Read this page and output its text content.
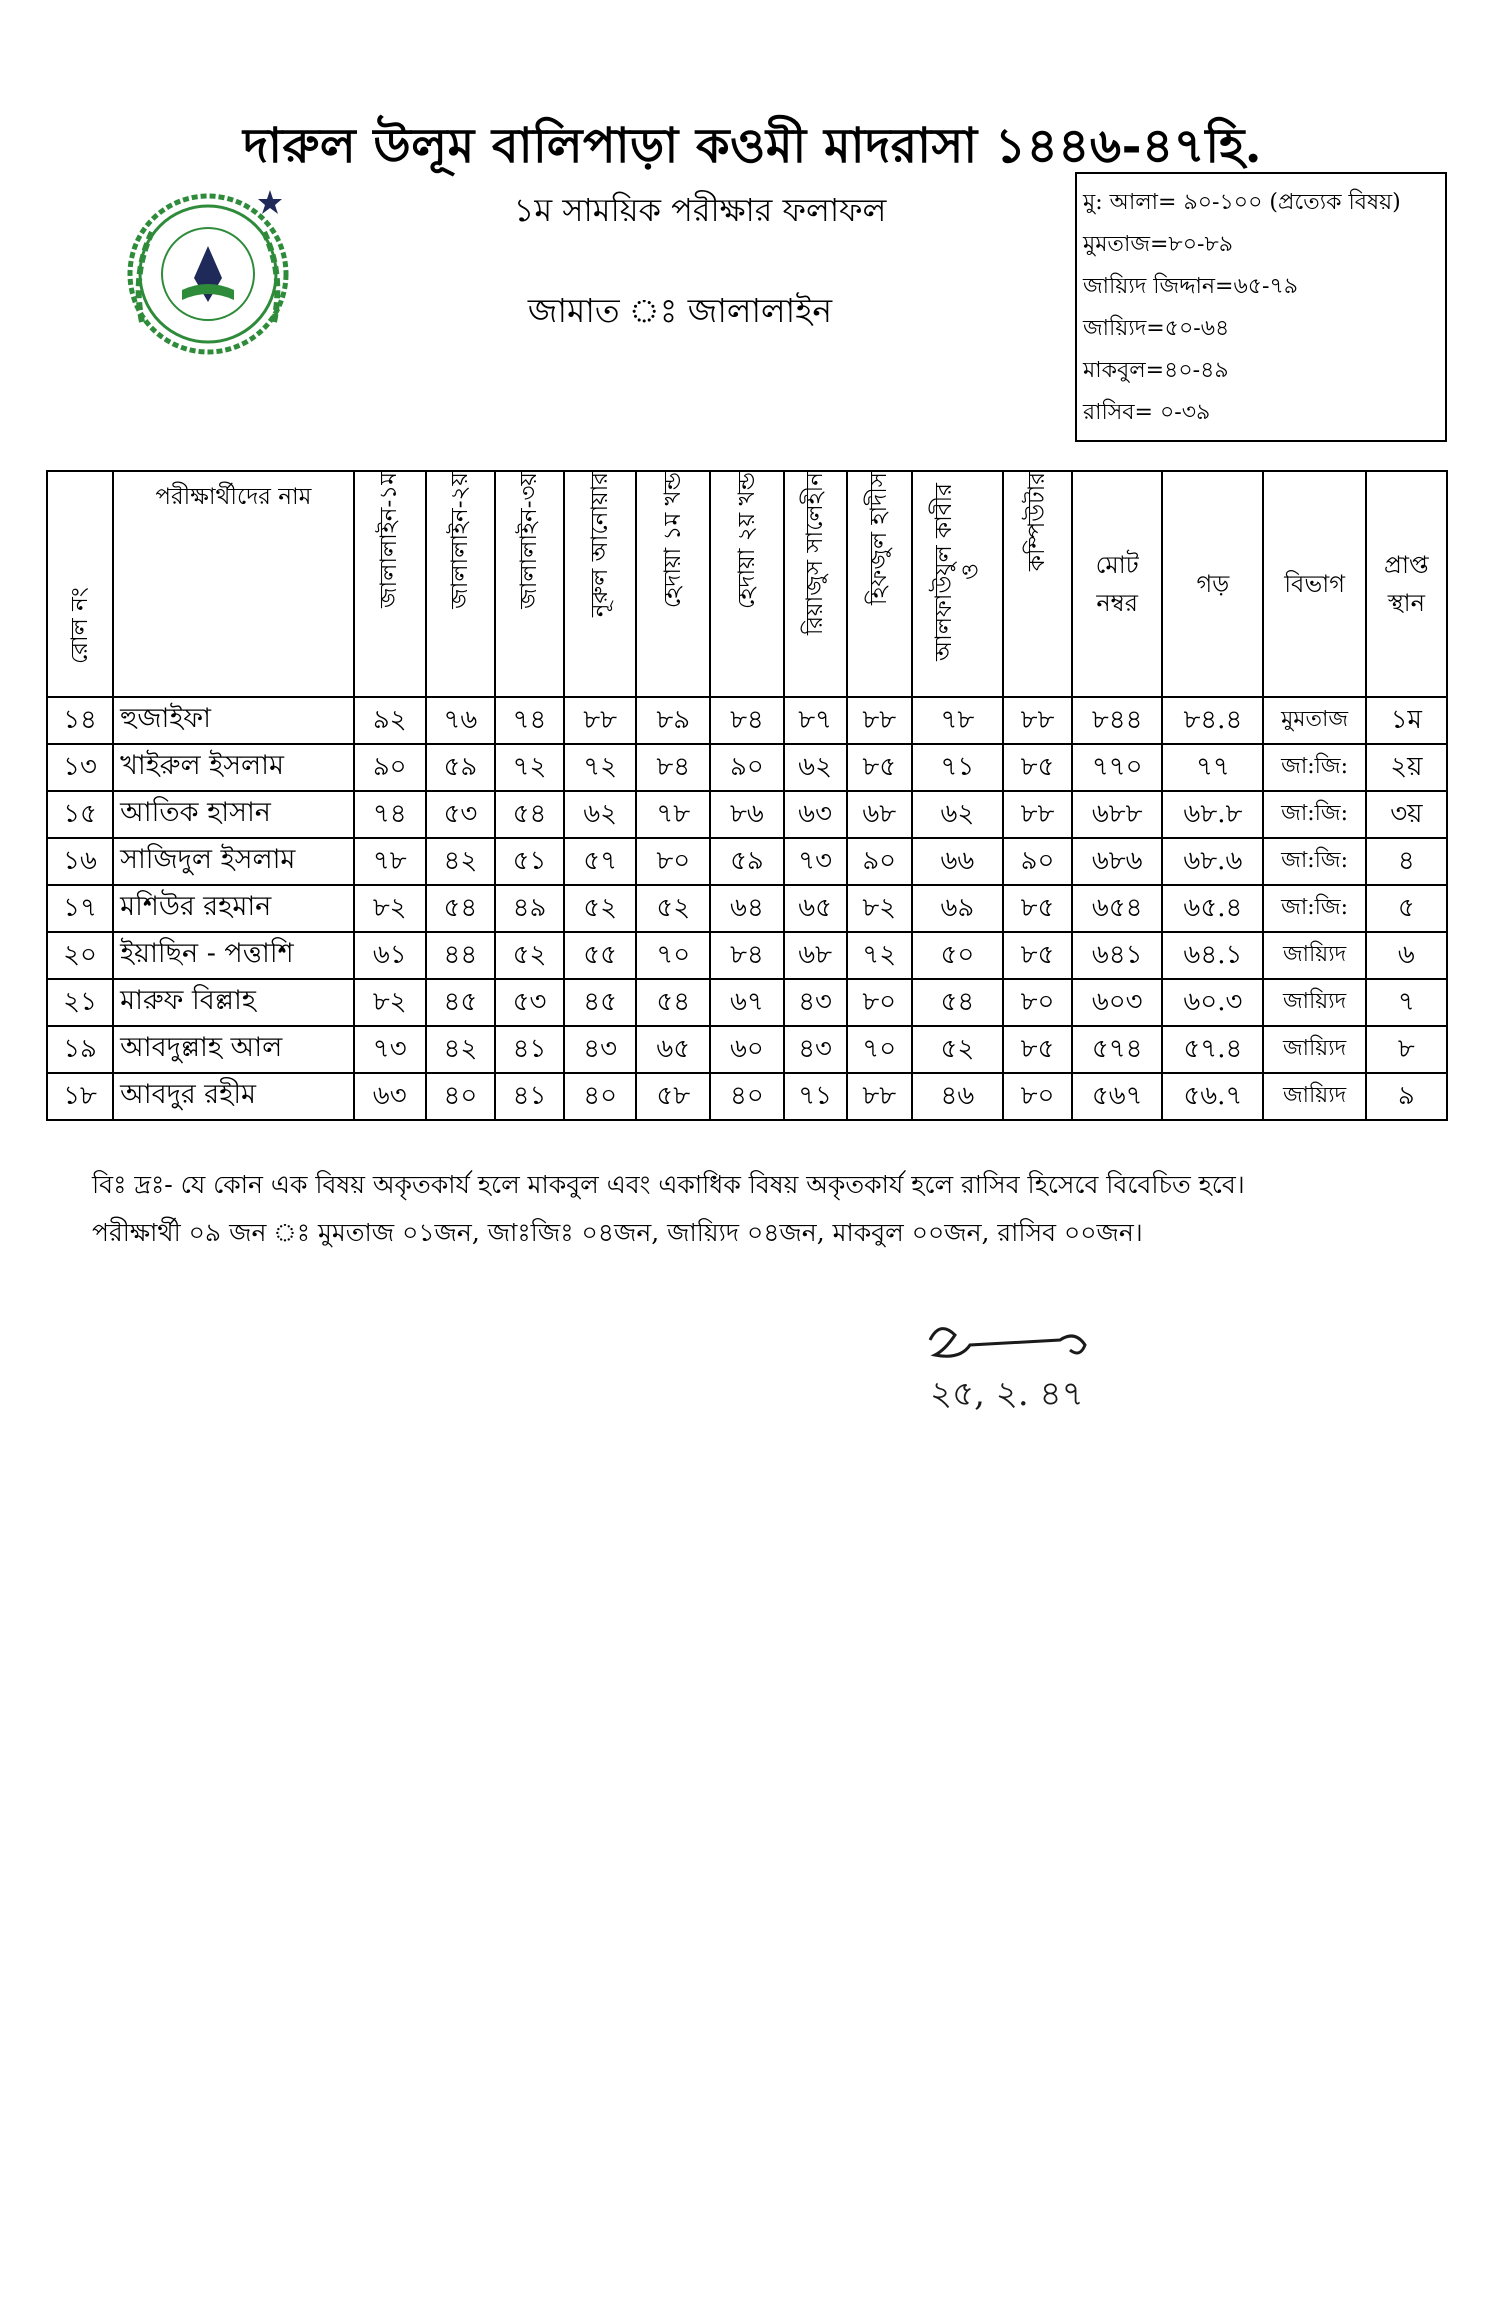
দারুল উলূম বালিপাড়া কওমী মাদরাসা ১৪৪৬-৪৭হি.
১ম সাময়িক পরীক্ষার ফলাফল
জামাত ঃ জালালাইন
মু: আলা= ৯০-১০০ (প্রত্যেক বিষয়)
মুমতাজ=৮০-৮৯
জায়্যিদ জিদ্দান=৬৫-৭৯
জায়্যিদ=৫০-৬৪
মাকবুল=৪০-৪৯
রাসিব= ০-৩৯
রোল নং	পরীক্ষার্থীদের নাম	জালালাইন-১ম	জালালাইন-২য়	জালালাইন-৩য়	নূরুল আনোয়ার	হেদায়া ১ম খন্ড	হেদায়া ২য় খন্ড	রিয়াজুস সালেহীন	হিফজুল হাদীস	আলফাউযুল কাবীর ও	কম্পিউটার	মোট নম্বর	গড়	বিভাগ	প্রাপ্ত স্থান
১৪	হুজাইফা	৯২	৭৬	৭৪	৮৮	৮৯	৮৪	৮৭	৮৮	৭৮	৮৮	৮৪৪	৮৪.৪	মুমতাজ	১ম
১৩	খাইরুল ইসলাম	৯০	৫৯	৭২	৭২	৮৪	৯০	৬২	৮৫	৭১	৮৫	৭৭০	৭৭	জা:জি:	২য়
১৫	আতিক হাসান	৭৪	৫৩	৫৪	৬২	৭৮	৮৬	৬৩	৬৮	৬২	৮৮	৬৮৮	৬৮.৮	জা:জি:	৩য়
১৬	সাজিদুল ইসলাম	৭৮	৪২	৫১	৫৭	৮০	৫৯	৭৩	৯০	৬৬	৯০	৬৮৬	৬৮.৬	জা:জি:	৪
১৭	মশিউর রহমান	৮২	৫৪	৪৯	৫২	৫২	৬৪	৬৫	৮২	৬৯	৮৫	৬৫৪	৬৫.৪	জা:জি:	৫
২০	ইয়াছিন - পত্তাশি	৬১	৪৪	৫২	৫৫	৭০	৮৪	৬৮	৭২	৫০	৮৫	৬৪১	৬৪.১	জায়্যিদ	৬
২১	মারুফ বিল্লাহ	৮২	৪৫	৫৩	৪৫	৫৪	৬৭	৪৩	৮০	৫৪	৮০	৬০৩	৬০.৩	জায়্যিদ	৭
১৯	আবদুল্লাহ আল	৭৩	৪২	৪১	৪৩	৬৫	৬০	৪৩	৭০	৫২	৮৫	৫৭৪	৫৭.৪	জায়্যিদ	৮
১৮	আবদুর রহীম	৬৩	৪০	৪১	৪০	৫৮	৪০	৭১	৮৮	৪৬	৮০	৫৬৭	৫৬.৭	জায়্যিদ	৯
বিঃ দ্রঃ- যে কোন এক বিষয় অকৃতকার্য হলে মাকবুল এবং একাধিক বিষয় অকৃতকার্য হলে রাসিব হিসেবে বিবেচিত হবে।
পরীক্ষার্থী ০৯ জন ঃ মুমতাজ ০১জন, জাঃজিঃ ০৪জন, জায়্যিদ ০৪জন, মাকবুল ০০জন, রাসিব ০০জন।
২৫, ২. ৪৭
